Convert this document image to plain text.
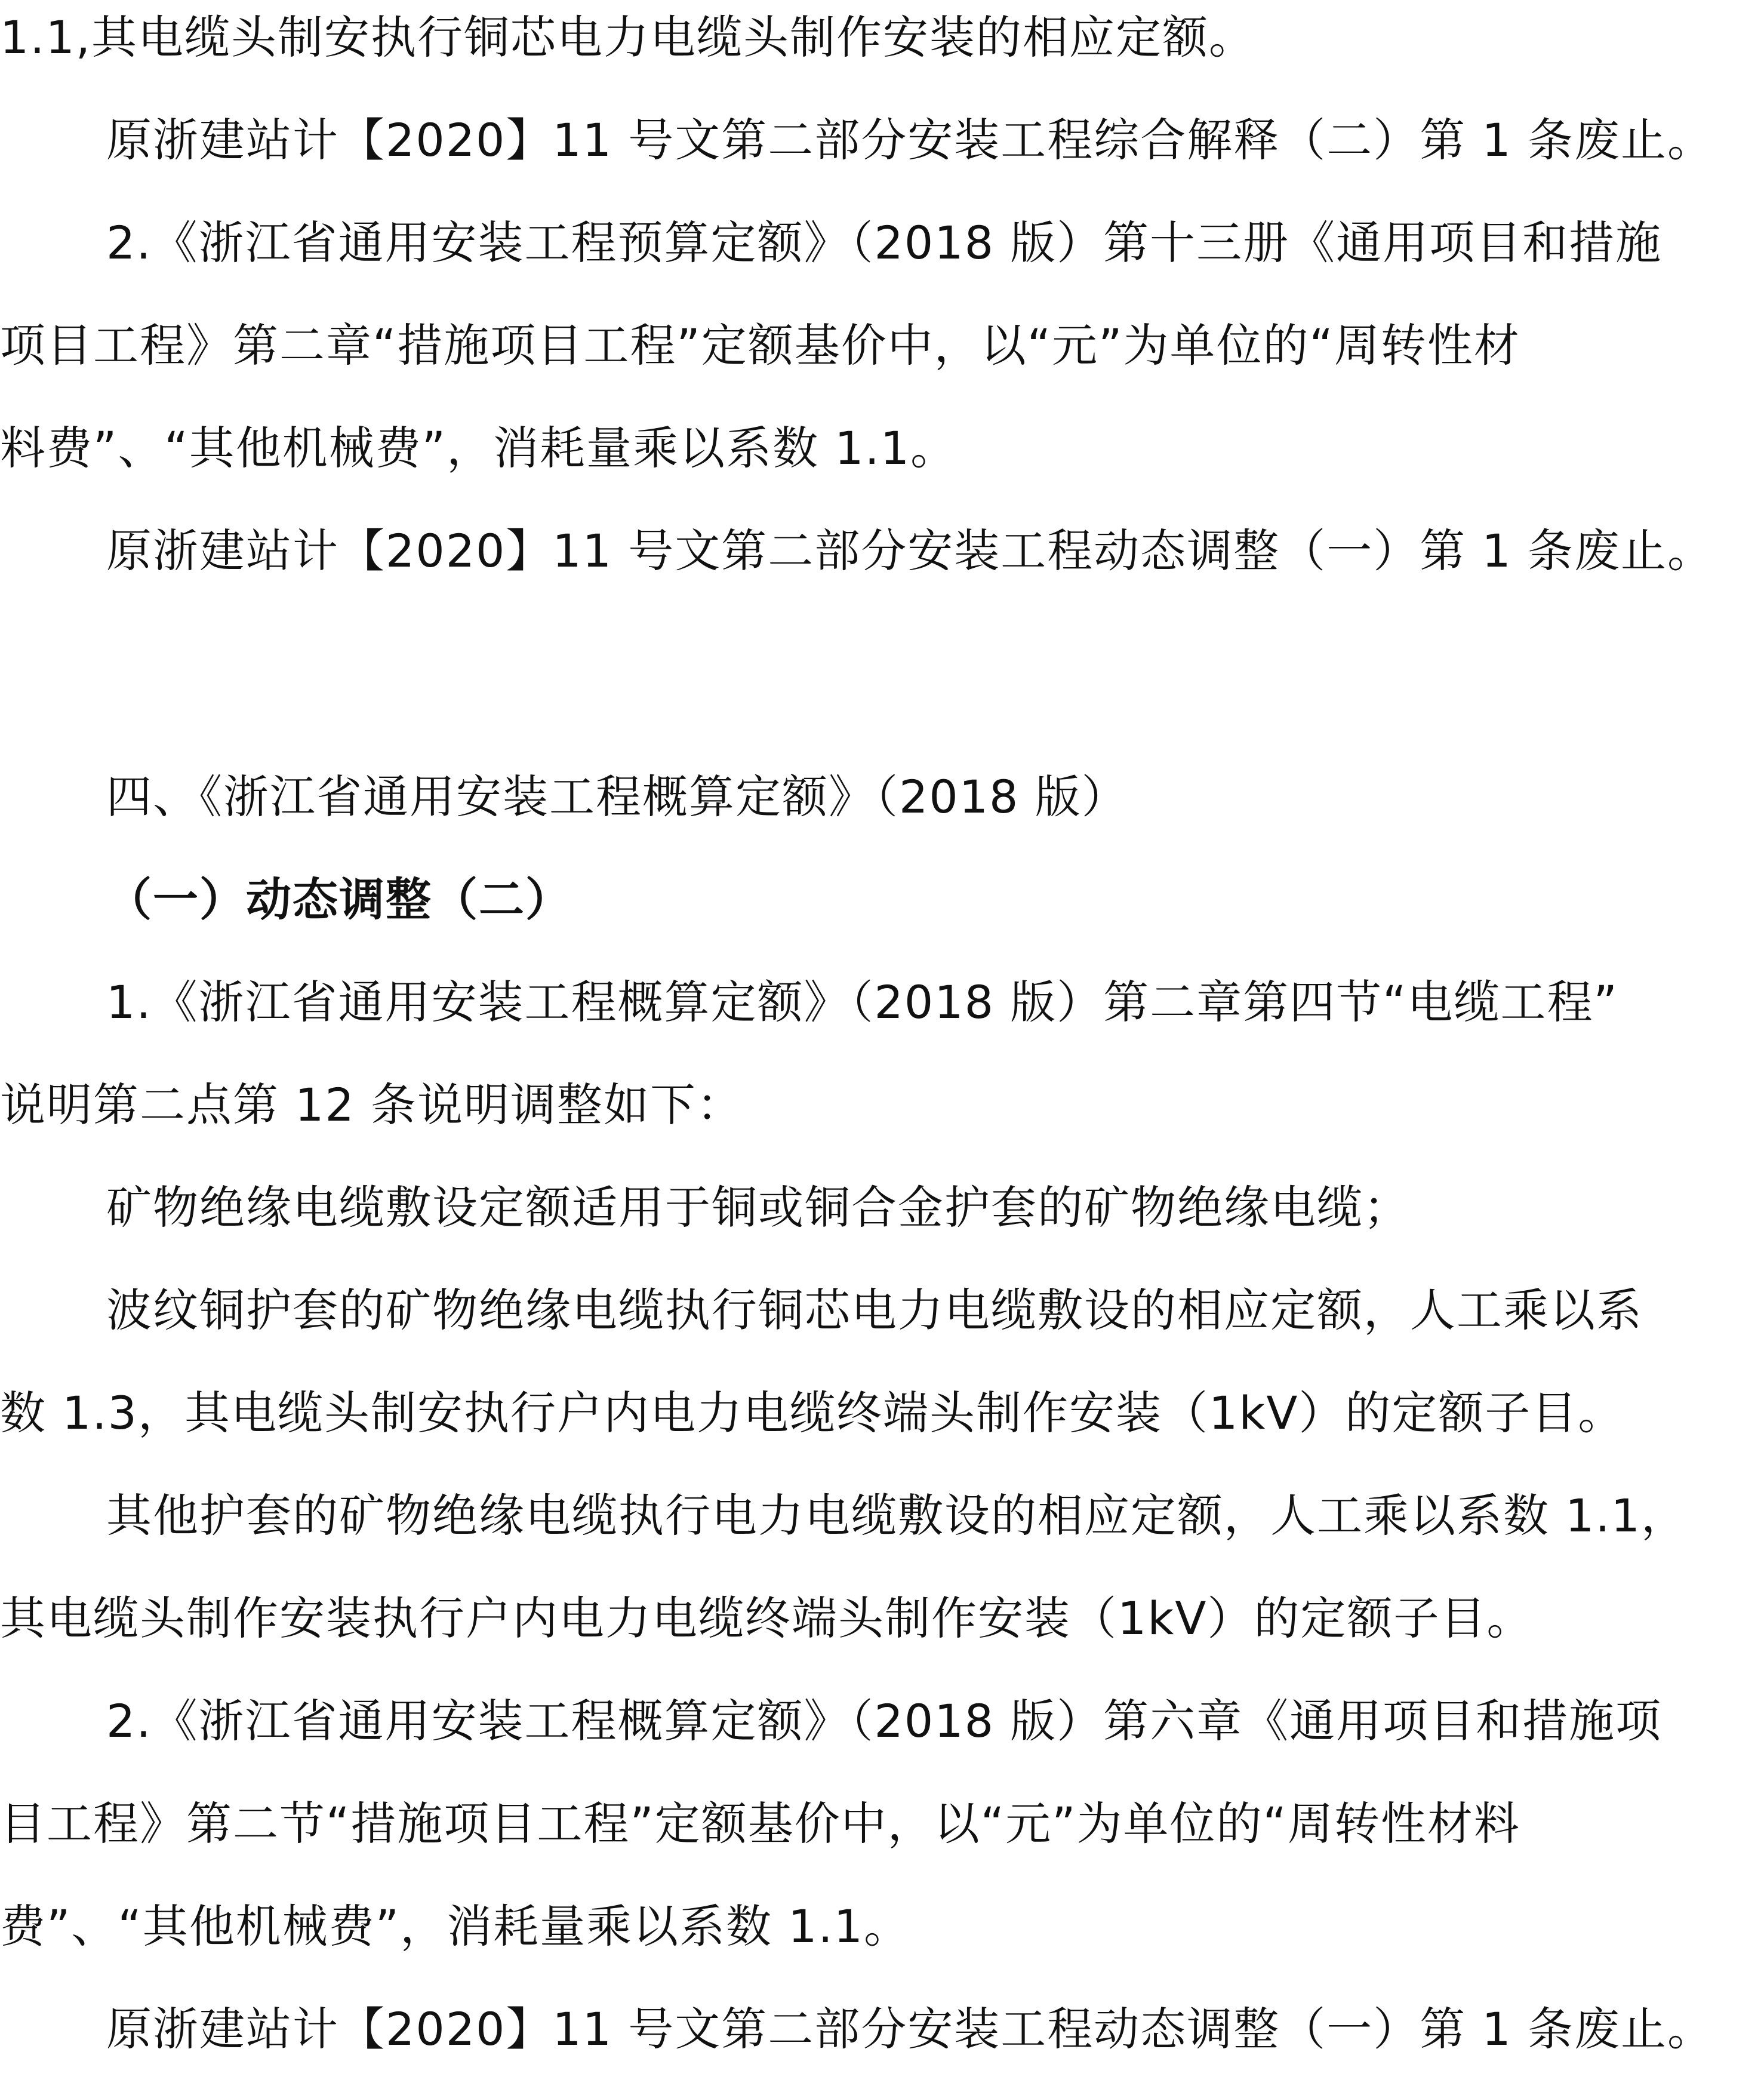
1.1,其电缆头制安执行铜芯电力电缆头制作安装的相应定额。
原浙建站计【2020】11 号文第二部分安装工程综合解释（二）第 1 条废止。
2.《浙江省通用安装工程预算定额》（2018 版）第十三册《通用项目和措施
项目工程》第二章“措施项目工程”定额基价中，以“元”为单位的“周转性材
料费”、“其他机械费”，消耗量乘以系数 1.1。
原浙建站计【2020】11 号文第二部分安装工程动态调整（一）第 1 条废止。
四、《浙江省通用安装工程概算定额》（2018 版）
（一）动态调整（二）
1.《浙江省通用安装工程概算定额》（2018 版）第二章第四节“电缆工程”
说明第二点第 12 条说明调整如下：
矿物绝缘电缆敷设定额适用于铜或铜合金护套的矿物绝缘电缆；
波纹铜护套的矿物绝缘电缆执行铜芯电力电缆敷设的相应定额，人工乘以系
数 1.3，其电缆头制安执行户内电力电缆终端头制作安装（1kV）的定额子目。
其他护套的矿物绝缘电缆执行电力电缆敷设的相应定额，人工乘以系数 1.1，
其电缆头制作安装执行户内电力电缆终端头制作安装（1kV）的定额子目。
2.《浙江省通用安装工程概算定额》（2018 版）第六章《通用项目和措施项
目工程》第二节“措施项目工程”定额基价中，以“元”为单位的“周转性材料
费”、“其他机械费”，消耗量乘以系数 1.1。
原浙建站计【2020】11 号文第二部分安装工程动态调整（一）第 1 条废止。
